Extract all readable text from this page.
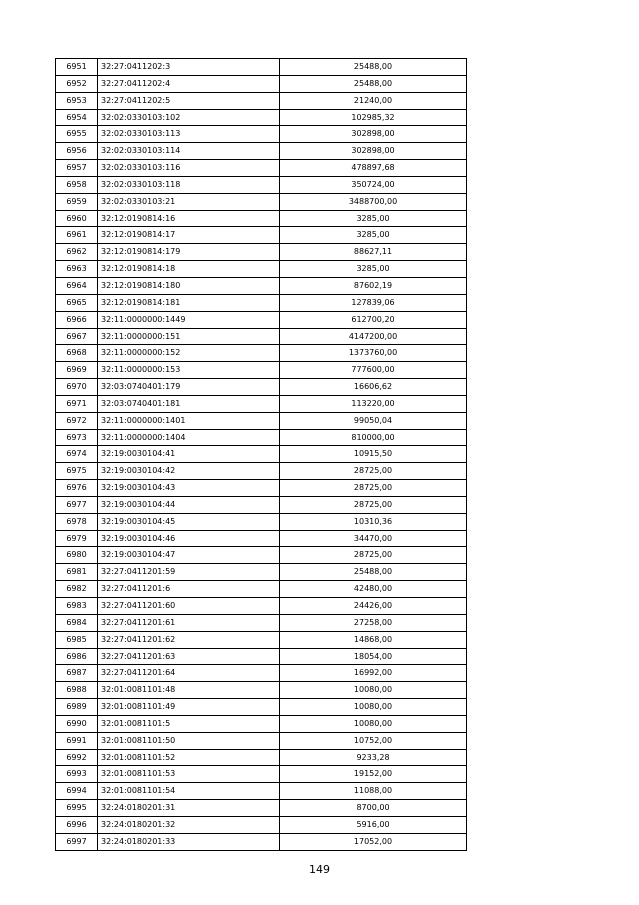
6951	32:27:0411202:3	25488,00
6952	32:27:0411202:4	25488,00
6953	32:27:0411202:5	21240,00
6954	32:02:0330103:102	102985,32
6955	32:02:0330103:113	302898,00
6956	32:02:0330103:114	302898,00
6957	32:02:0330103:116	478897,68
6958	32:02:0330103:118	350724,00
6959	32:02:0330103:21	3488700,00
6960	32:12:0190814:16	3285,00
6961	32:12:0190814:17	3285,00
6962	32:12:0190814:179	88627,11
6963	32:12:0190814:18	3285,00
6964	32:12:0190814:180	87602,19
6965	32:12:0190814:181	127839,06
6966	32:11:0000000:1449	612700,20
6967	32:11:0000000:151	4147200,00
6968	32:11:0000000:152	1373760,00
6969	32:11:0000000:153	777600,00
6970	32:03:0740401:179	16606,62
6971	32:03:0740401:181	113220,00
6972	32:11:0000000:1401	99050,04
6973	32:11:0000000:1404	810000,00
6974	32:19:0030104:41	10915,50
6975	32:19:0030104:42	28725,00
6976	32:19:0030104:43	28725,00
6977	32:19:0030104:44	28725,00
6978	32:19:0030104:45	10310,36
6979	32:19:0030104:46	34470,00
6980	32:19:0030104:47	28725,00
6981	32:27:0411201:59	25488,00
6982	32:27:0411201:6	42480,00
6983	32:27:0411201:60	24426,00
6984	32:27:0411201:61	27258,00
6985	32:27:0411201:62	14868,00
6986	32:27:0411201:63	18054,00
6987	32:27:0411201:64	16992,00
6988	32:01:0081101:48	10080,00
6989	32:01:0081101:49	10080,00
6990	32:01:0081101:5	10080,00
6991	32:01:0081101:50	10752,00
6992	32:01:0081101:52	9233,28
6993	32:01:0081101:53	19152,00
6994	32:01:0081101:54	11088,00
6995	32:24:0180201:31	8700,00
6996	32:24:0180201:32	5916,00
6997	32:24:0180201:33	17052,00
149
